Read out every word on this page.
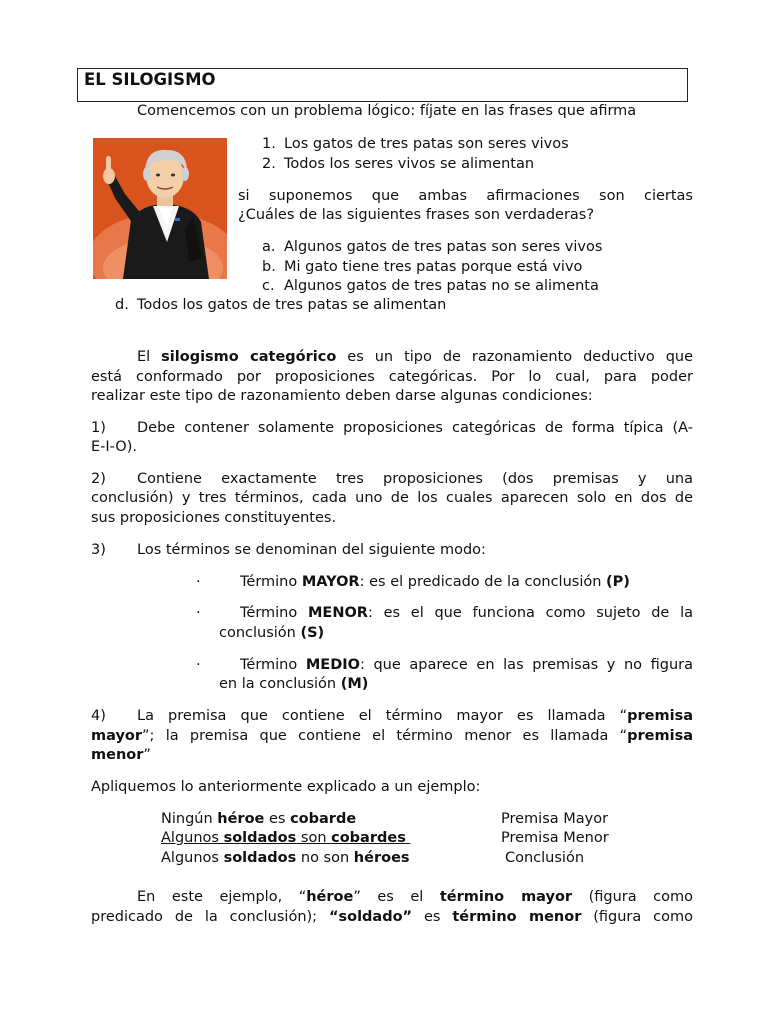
EL SILOGISMO
Comencemos con un problema lógico: fíjate en las frases que afirma
1. Los gatos de tres patas son seres vivos
2. Todos los seres vivos se alimentan
si suponemos que ambas afirmaciones son ciertas
¿Cuáles de las siguientes frases son verdaderas?
a. Algunos gatos de tres patas son seres vivos
b. Mi gato tiene tres patas porque está vivo
c. Algunos gatos de tres patas no se alimenta
d. Todos los gatos de tres patas se alimentan
El silogismo categórico es un tipo de razonamiento deductivo que
está conformado por proposiciones categóricas. Por lo cual, para poder
realizar este tipo de razonamiento deben darse algunas condiciones:
1) Debe contener solamente proposiciones categóricas de forma típica (A-
E-I-O).
2) Contiene exactamente tres proposiciones (dos premisas y una
conclusión) y tres términos, cada uno de los cuales aparecen solo en dos de
sus proposiciones constituyentes.
3) Los términos se denominan del siguiente modo:
·	Término MAYOR: es el predicado de la conclusión (P)
·	Término MENOR: es el que funciona como sujeto de la
conclusión (S)
·	Término MEDIO: que aparece en las premisas y no figura
en la conclusión (M)
4) La premisa que contiene el término mayor es llamada “premisa
mayor”; la premisa que contiene el término menor es llamada “premisa
menor”
Apliquemos lo anteriormente explicado a un ejemplo:
Ningún héroe es cobarde	Premisa Mayor
Algunos soldados son cobardes	Premisa Menor
Algunos soldados no son héroes	Conclusión
En este ejemplo, “héroe” es el término mayor (figura como
predicado de la conclusión); “soldado” es término menor (figura como
